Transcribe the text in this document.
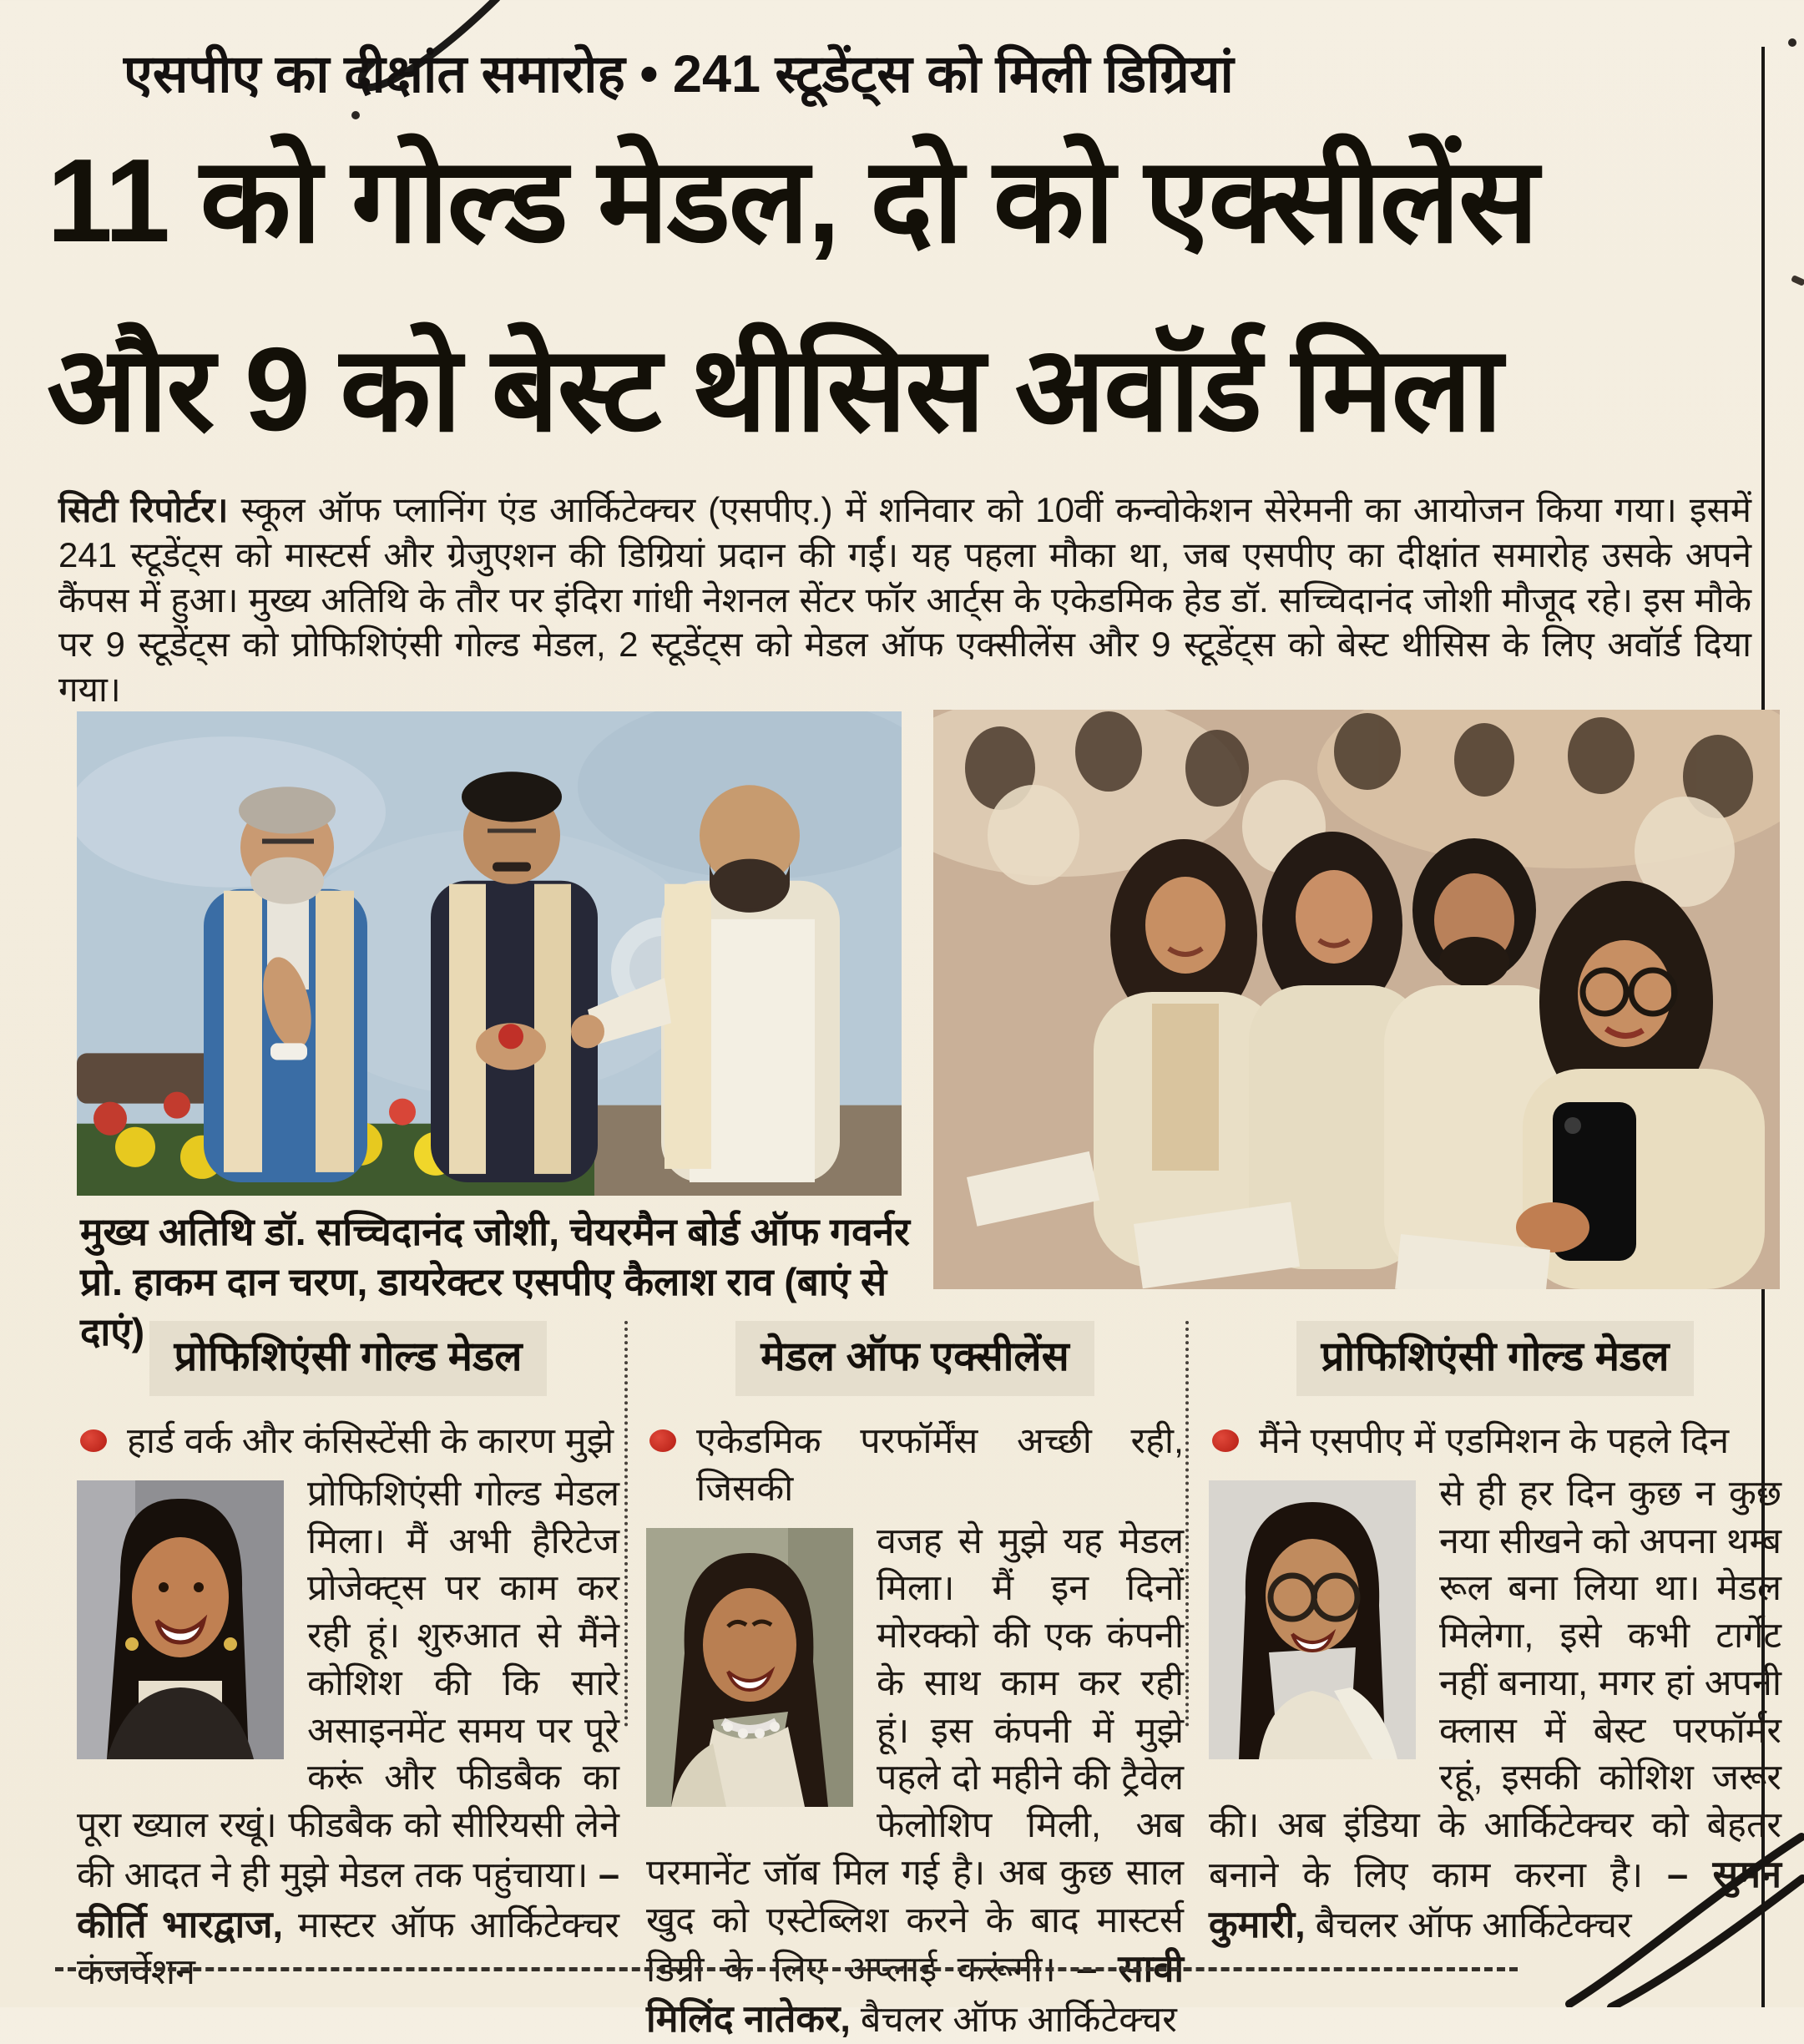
एसपीए का दीक्षांत समारोह • 241 स्टूडेंट्स को मिली डिग्रियां
11 को गोल्ड मेडल, दो को एक्सीलेंस
और 9 को बेस्ट थीसिस अवॉर्ड मिला

सिटी रिपोर्टर। स्कूल ऑफ प्लानिंग एंड आर्किटेक्चर (एसपीए.) में शनिवार को 10वीं कन्वोकेशन सेरेमनी का आयोजन किया गया। इसमें 241 स्टूडेंट्स को मास्टर्स और ग्रेजुएशन की डिग्रियां प्रदान की गईं। यह पहला मौका था, जब एसपीए का दीक्षांत समारोह उसके अपने कैंपस में हुआ। मुख्य अतिथि के तौर पर इंदिरा गांधी नेशनल सेंटर फॉर आर्ट्स के एकेडमिक हेड डॉ. सच्चिदानंद जोशी मौजूद रहे। इस मौके पर 9 स्टूडेंट्स को प्रोफिशिएंसी गोल्ड मेडल, 2 स्टूडेंट्स को मेडल ऑफ एक्सीलेंस और 9 स्टूडेंट्स को बेस्ट थीसिस के लिए अवॉर्ड दिया गया।

मुख्य अतिथि डॉ. सच्चिदानंद जोशी, चेयरमैन बोर्ड ऑफ गवर्नर
प्रो. हाकम दान चरण, डायरेक्टर एसपीए कैलाश राव (बाएं से दाएं)
प्रोफिशिएंसी गोल्ड मेडल

हार्ड वर्क और कंसिस्टेंसी के कारण मुझे

प्रोफिशिएंसी गोल्ड मेडल मिला। मैं अभी हैरिटेज प्रोजेक्ट्स पर काम कर रही हूं। शुरुआत से मैंने कोशिश की कि सारे असाइनमेंट समय पर पूरे करूं और फीडबैक का पूरा ख्याल रखूं। फीडबैक को सीरियसी लेने की आदत ने ही मुझे मेडल तक पहुंचाया। – कीर्ति भारद्वाज, मास्टर ऑफ आर्किटेक्चर कंजर्वेशन
मेडल ऑफ एक्सीलेंस

एकेडमिक परफॉर्मेंस अच्छी रही, जिसकी

वजह से मुझे यह मेडल मिला। मैं इन दिनों मोरक्को की एक कंपनी के साथ काम कर रही हूं। इस कंपनी में मुझे पहले दो महीने की ट्रैवेल फेलोशिप मिली, अब परमानेंट जॉब मिल गई है। अब कुछ साल खुद को एस्टेब्लिश करने के बाद मास्टर्स डिग्री के लिए अप्लाई करूंगी। – सावी मिलिंद नातेकर, बैचलर ऑफ आर्किटेक्चर
प्रोफिशिएंसी गोल्ड मेडल

मैंने एसपीए में एडमिशन के पहले दिन

से ही हर दिन कुछ न कुछ नया सीखने को अपना थम्ब रूल बना लिया था। मेडल मिलेगा, इसे कभी टार्गेट नहीं बनाया, मगर हां अपनी क्लास में बेस्ट परफॉर्मर रहूं, इसकी कोशिश जरूर की। अब इंडिया के आर्किटेक्चर को बेहतर बनाने के लिए काम करना है। – सुमन कुमारी, बैचलर ऑफ आर्किटेक्चर
